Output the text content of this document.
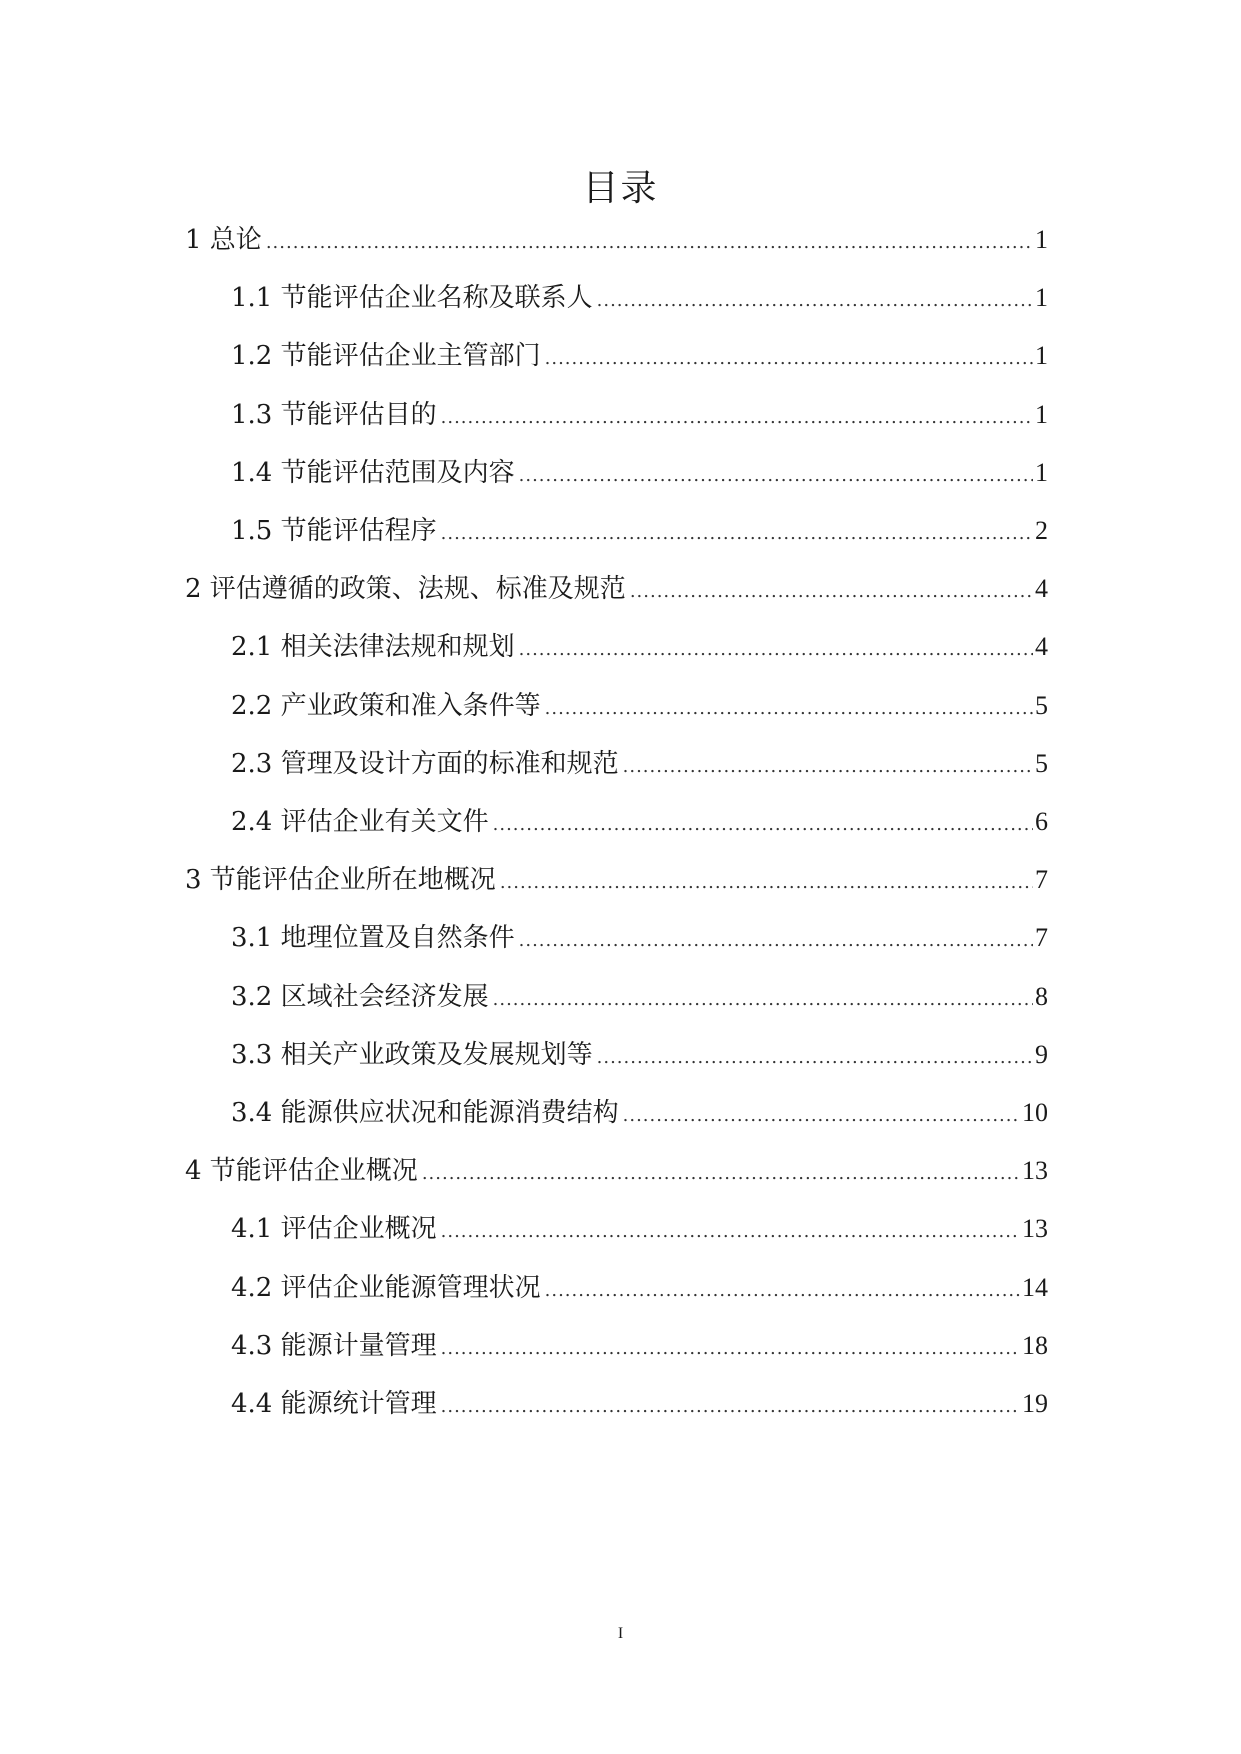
目录
1 总论 .....	1
1.1 节能评估企业名称及联系人 .....	1
1.2 节能评估企业主管部门 .....	1
1.3 节能评估目的 .....	1
1.4 节能评估范围及内容 .....	1
1.5 节能评估程序 .....	2
2 评估遵循的政策、法规、标准及规范 .....	4
2.1 相关法律法规和规划 .....	4
2.2 产业政策和准入条件等 .....	5
2.3 管理及设计方面的标准和规范 .....	5
2.4 评估企业有关文件 .....	6
3 节能评估企业所在地概况 .....	7
3.1 地理位置及自然条件 .....	7
3.2 区域社会经济发展 .....	8
3.3 相关产业政策及发展规划等 .....	9
3.4 能源供应状况和能源消费结构 .....	10
4 节能评估企业概况 .....	13
4.1 评估企业概况 .....	13
4.2 评估企业能源管理状况 .....	14
4.3 能源计量管理 .....	18
4.4 能源统计管理 .....	19
I
